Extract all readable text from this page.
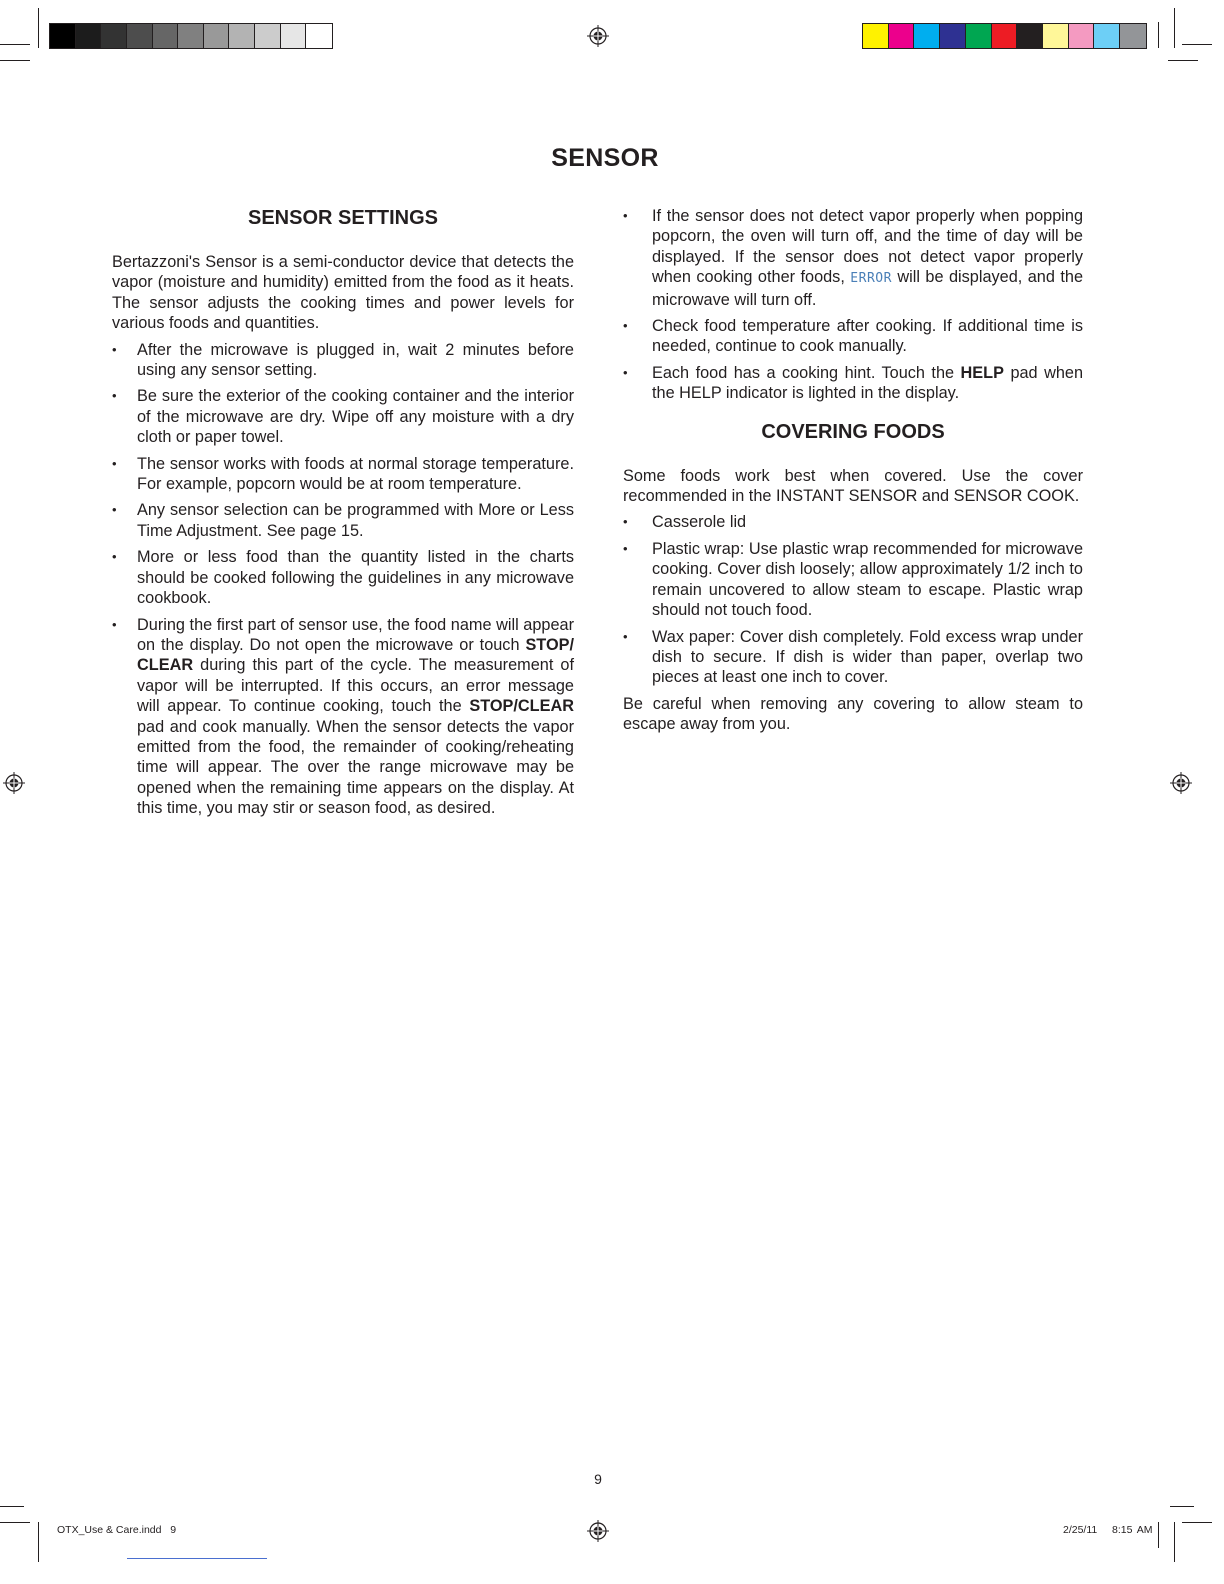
SENSOR
SENSOR SETTINGS

Bertazzoni's Sensor is a semi-conductor device that detects the vapor (moisture and humidity) emitted from the food as it heats. The sensor adjusts the cooking times and power levels for various foods and quantities.

• After the microwave is plugged in, wait 2 minutes before using any sensor setting.
• Be sure the exterior of the cooking container and the interior of the microwave are dry. Wipe off any moisture with a dry cloth or paper towel.
• The sensor works with foods at normal storage temperature. For example, popcorn would be at room temperature.
• Any sensor selection can be programmed with More or Less Time Adjustment. See page 15.
• More or less food than the quantity listed in the charts should be cooked following the guidelines in any microwave cookbook.
• During the first part of sensor use, the food name will appear on the display. Do not open the microwave or touch STOP/ CLEAR during this part of the cycle. The measurement of vapor will be interrupted. If this occurs, an error message will appear. To continue cooking, touch the STOP/CLEAR pad and cook manually. When the sensor detects the vapor emitted from the food, the remainder of cooking/reheating time will appear. The over the range microwave may be opened when the remaining time appears on the display. At this time, you may stir or season food, as desired.
• If the sensor does not detect vapor properly when popping popcorn, the oven will turn off, and the time of day will be displayed. If the sensor does not detect vapor properly when cooking other foods, ERROR will be displayed, and the microwave will turn off.
• Check food temperature after cooking. If additional time is needed, continue to cook manually.
• Each food has a cooking hint. Touch the HELP pad when the HELP indicator is lighted in the display.
COVERING FOODS

Some foods work best when covered. Use the cover recommended in the INSTANT SENSOR and SENSOR COOK.

• Casserole lid
• Plastic wrap: Use plastic wrap recommended for microwave cooking. Cover dish loosely; allow approximately 1/2 inch to remain uncovered to allow steam to escape. Plastic wrap should not touch food.
• Wax paper: Cover dish completely. Fold excess wrap under dish to secure. If dish is wider than paper, overlap two pieces at least one inch to cover.

Be careful when removing any covering to allow steam to escape away from you.

9
OTX_Use & Care.indd   9	2/25/11   8:15 AM
